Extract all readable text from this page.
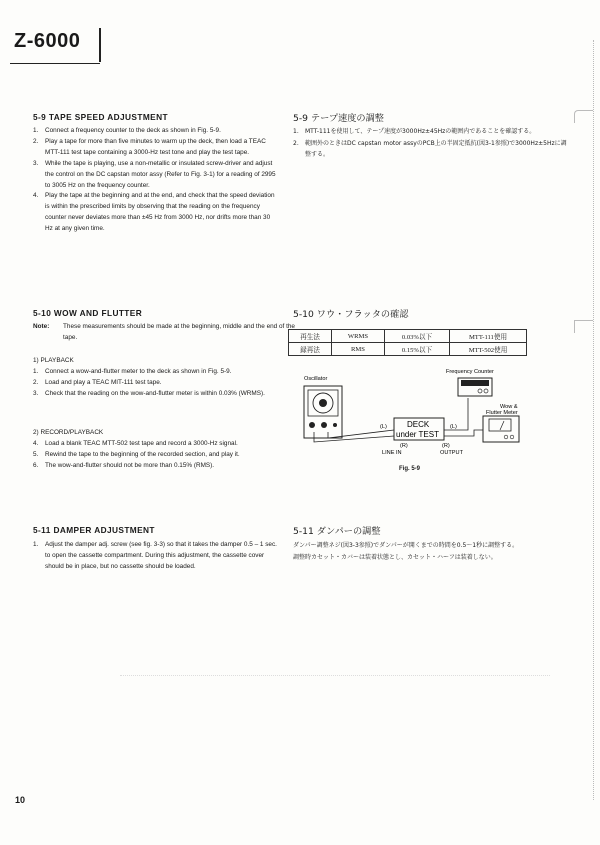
Z-6000
5-9 TAPE SPEED ADJUSTMENT
1. Connect a frequency counter to the deck as shown in Fig. 5-9.
2. Play a tape for more than five minutes to warm up the deck, then load a TEAC MTT-111 test tape containing a 3000-Hz test tone and play the test tape.
3. While the tape is playing, use a non-metallic or insulated screw-driver and adjust the control on the DC capstan motor assy (Refer to Fig. 3-1) for a reading of 2995 to 3005 Hz on the frequency counter.
4. Play the tape at the beginning and at the end, and check that the speed deviation is within the prescribed limits by observing that the reading on the frequency counter never deviates more than ±45 Hz from 3000 Hz, nor drifts more than 30 Hz at any given time.
5-9 テープ速度の調整
1. MTT-111を使用して、テープ速度が3000Hz±45Hzの範囲内であることを確認する。
2. 範囲外のときはDC capstan motor assyのPCB上の半固定抵抗(図3-1参照)で3000Hz±5Hzに調整する。
5-10 WOW AND FLUTTER
Note: These measurements should be made at the beginning, middle and the end of the tape.
1) PLAYBACK
1. Connect a wow-and-flutter meter to the deck as shown in Fig. 5-9.
2. Load and play a TEAC MIT-111 test tape.
3. Check that the reading on the wow-and-flutter meter is within 0.03% (WRMS).
2) RECORD/PLAYBACK
4. Load a blank TEAC MTT-502 test tape and record a 3000-Hz signal.
5. Rewind the tape to the beginning of the recorded section, and play it.
6. The wow-and-flutter should not be more than 0.15% (RMS).
5-10 ワウ・フラッタの確認
再生法	WRMS	0.03%以下	MTT-111使用
録再法	RMS	0.15%以下	MTT-502使用
Oscillator
Frequency Counter
Wow &
Flutter Meter
DECK
under TEST
(L)	(L)
(R)	(R)
LINE IN	OUTPUT
Fig. 5-9
5-11 DAMPER ADJUSTMENT
1. Adjust the damper adj. screw (see fig. 3-3) so that it takes the damper 0.5 – 1 sec. to open the cassette compartment. During this adjustment, the cassette cover should be in place, but no cassette should be loaded.
5-11 ダンパーの調整
ダンパー調整ネジ(図3-3参照)でダンパーが開くまでの時間を0.5～1秒に調整する。
調整時カセット・カバーは装着状態とし、カセット・ハーフは装着しない。
10
